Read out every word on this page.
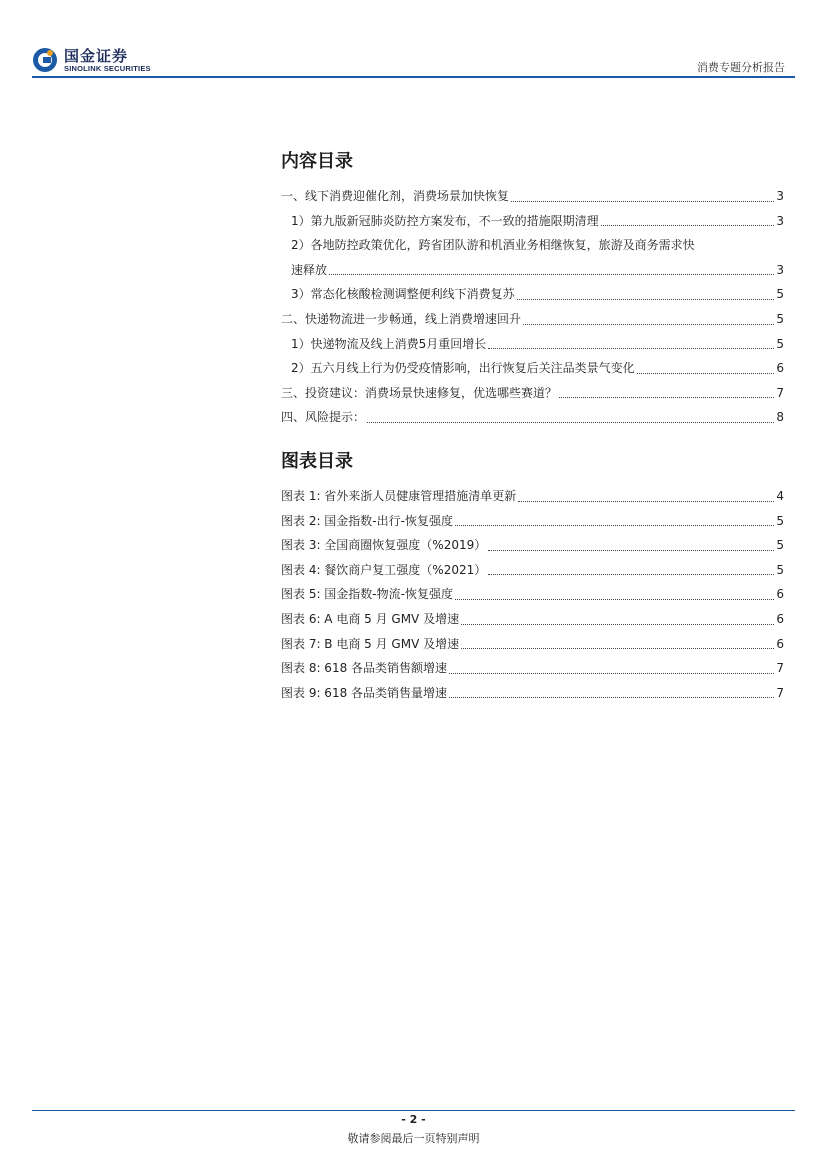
国金证券
SINOLINK SECURITIES	消费专题分析报告
内容目录
一、线下消费迎催化剂，消费场景加快恢复	3
1）第九版新冠肺炎防控方案发布，不一致的措施限期清理	3
2）各地防控政策优化，跨省团队游和机酒业务相继恢复，旅游及商务需求快
速释放	3
3）常态化核酸检测调整便利线下消费复苏	5
二、快递物流进一步畅通，线上消费增速回升	5
1）快递物流及线上消费5月重回增长	5
2）五六月线上行为仍受疫情影响，出行恢复后关注品类景气变化	6
三、投资建议：消费场景快速修复，优选哪些赛道？	7
四、风险提示：	8
图表目录
图表 1: 省外来浙人员健康管理措施清单更新	4
图表 2: 国金指数-出行-恢复强度	5
图表 3: 全国商圈恢复强度（%2019）	5
图表 4: 餐饮商户复工强度（%2021）	5
图表 5: 国金指数-物流-恢复强度	6
图表 6: A 电商 5 月 GMV 及增速	6
图表 7: B 电商 5 月 GMV 及增速	6
图表 8: 618 各品类销售额增速	7
图表 9: 618 各品类销售量增速	7
- 2 -
敬请参阅最后一页特别声明
